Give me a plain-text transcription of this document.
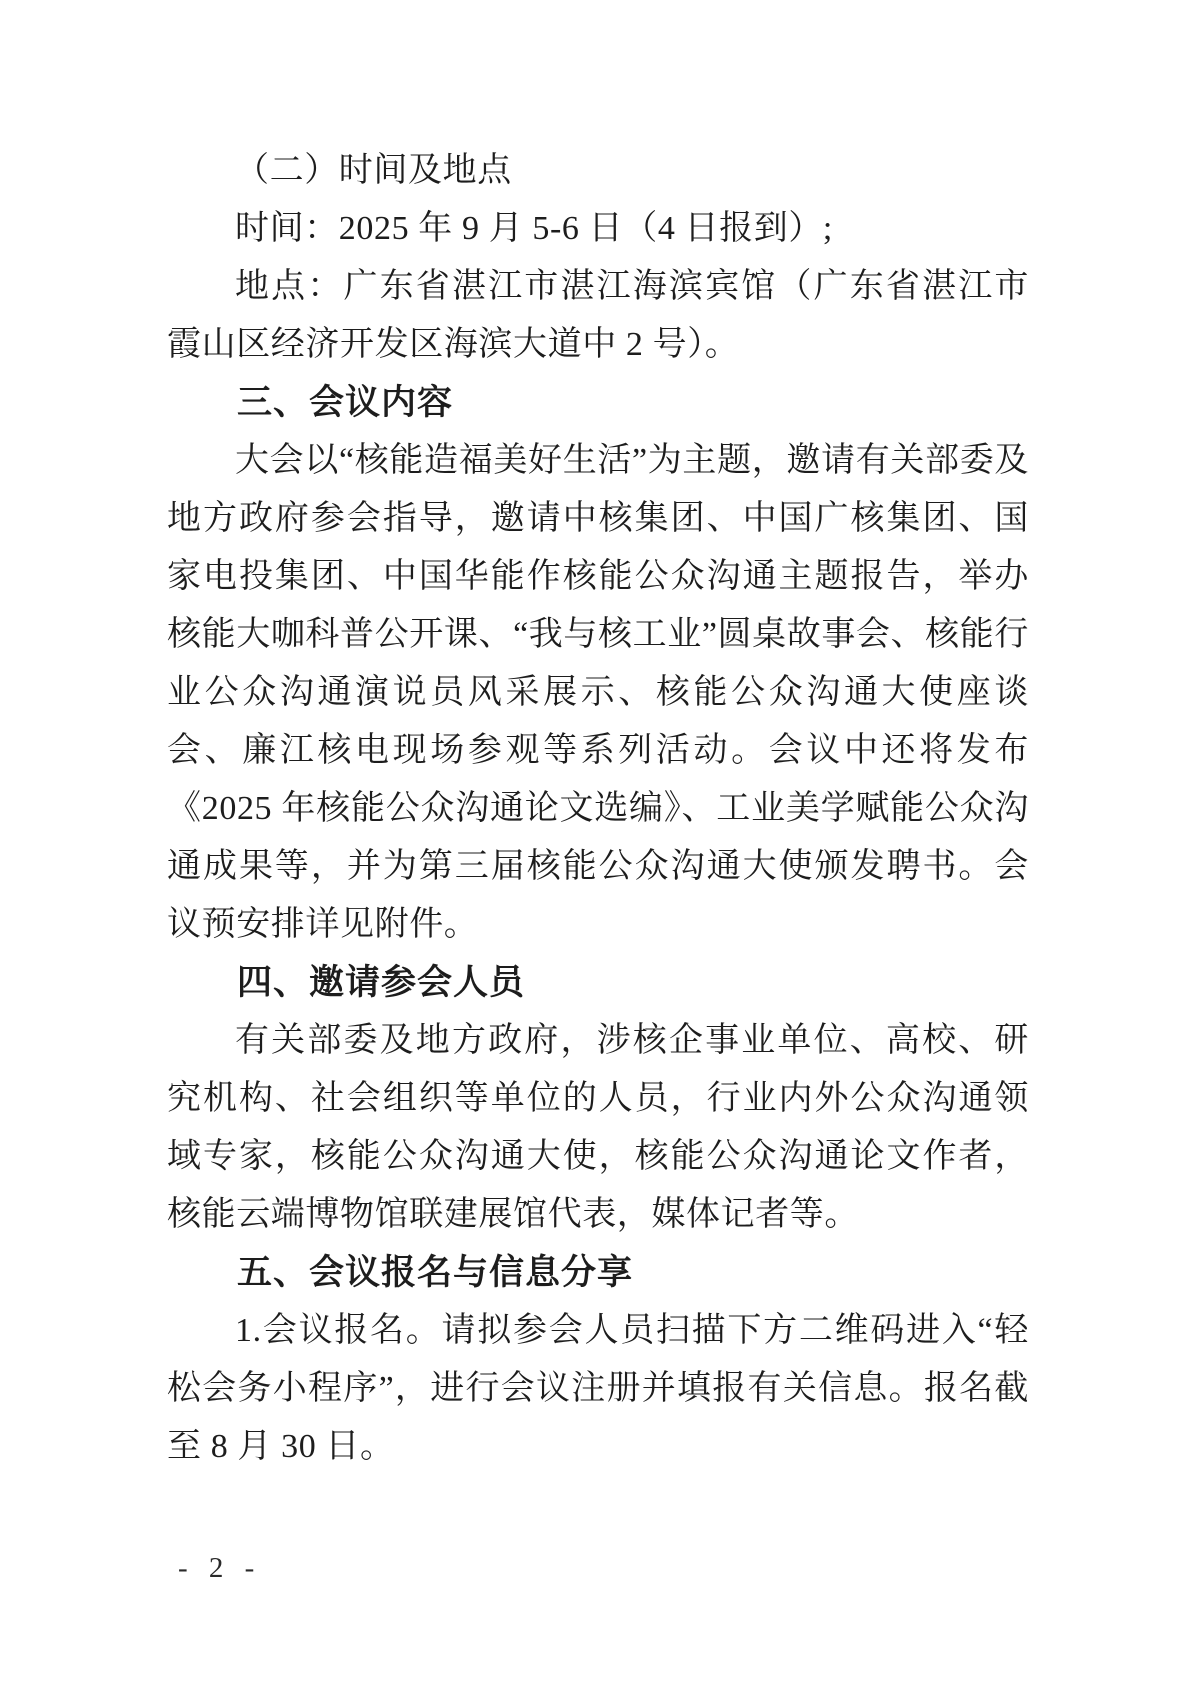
（二）时间及地点

时间：2025 年 9 月 5-6 日（4 日报到）;

地点：广东省湛江市湛江海滨宾馆（广东省湛江市霞山区经济开发区海滨大道中 2 号）。

三、会议内容

大会以“核能造福美好生活”为主题，邀请有关部委及地方政府参会指导，邀请中核集团、中国广核集团、国家电投集团、中国华能作核能公众沟通主题报告，举办核能大咖科普公开课、“我与核工业”圆桌故事会、核能行业公众沟通演说员风采展示、核能公众沟通大使座谈会、廉江核电现场参观等系列活动。会议中还将发布《2025 年核能公众沟通论文选编》、工业美学赋能公众沟通成果等，并为第三届核能公众沟通大使颁发聘书。会议预安排详见附件。

四、邀请参会人员

有关部委及地方政府，涉核企事业单位、高校、研究机构、社会组织等单位的人员，行业内外公众沟通领域专家，核能公众沟通大使，核能公众沟通论文作者，核能云端博物馆联建展馆代表，媒体记者等。

五、会议报名与信息分享

1.会议报名。请拟参会人员扫描下方二维码进入“轻松会务小程序”，进行会议注册并填报有关信息。报名截至 8 月 30 日。

- 2 -
